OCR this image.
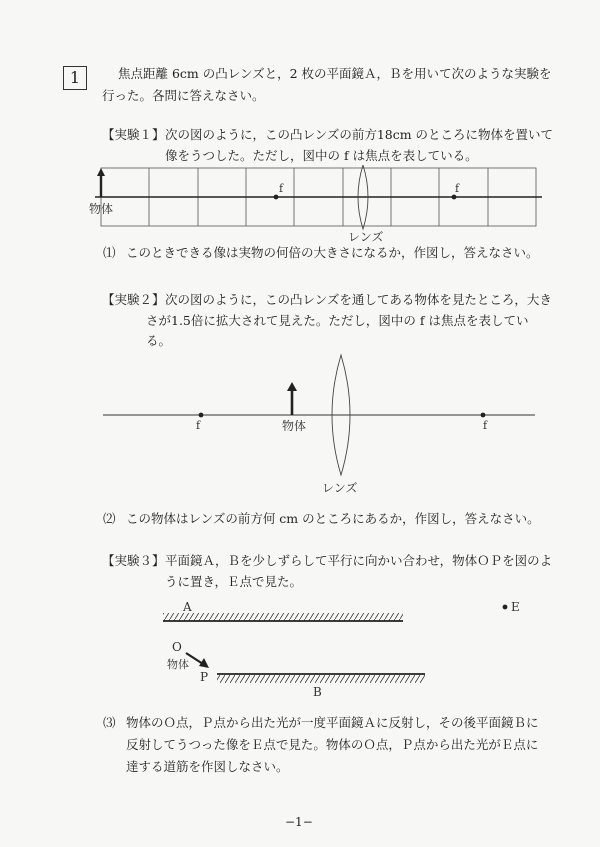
1	焦点距離 6cm の凸レンズと，2 枚の平面鏡Ａ，Ｂを用いて次のような実験を
行った。各問に答えなさい。
【実験１】 次の図のように，この凸レンズの前方18cm のところに物体を置いて
像をうつした。ただし，図中の f は焦点を表している。
f	f
物体
レンズ
⑴ このときできる像は実物の何倍の大きさになるか，作図し，答えなさい。
【実験２】 次の図のように，この凸レンズを通してある物体を見たところ，大き
さが1.5倍に拡大されて見えた。ただし，図中の f は焦点を表してい
る。
f	f
物体
レンズ
⑵ この物体はレンズの前方何 cm のところにあるか，作図し，答えなさい。
【実験３】 平面鏡Ａ，Ｂを少しずらして平行に向かい合わせ，物体ＯＰを図のよ
うに置き，Ｅ点で見た。
A	E
O
物体
P
B
⑶ 物体のＯ点，Ｐ点から出た光が一度平面鏡Ａに反射し，その後平面鏡Ｂに
反射してうつった像をＥ点で見た。物体のＯ点，Ｐ点から出た光がＥ点に
達する道筋を作図しなさい。
−1−
